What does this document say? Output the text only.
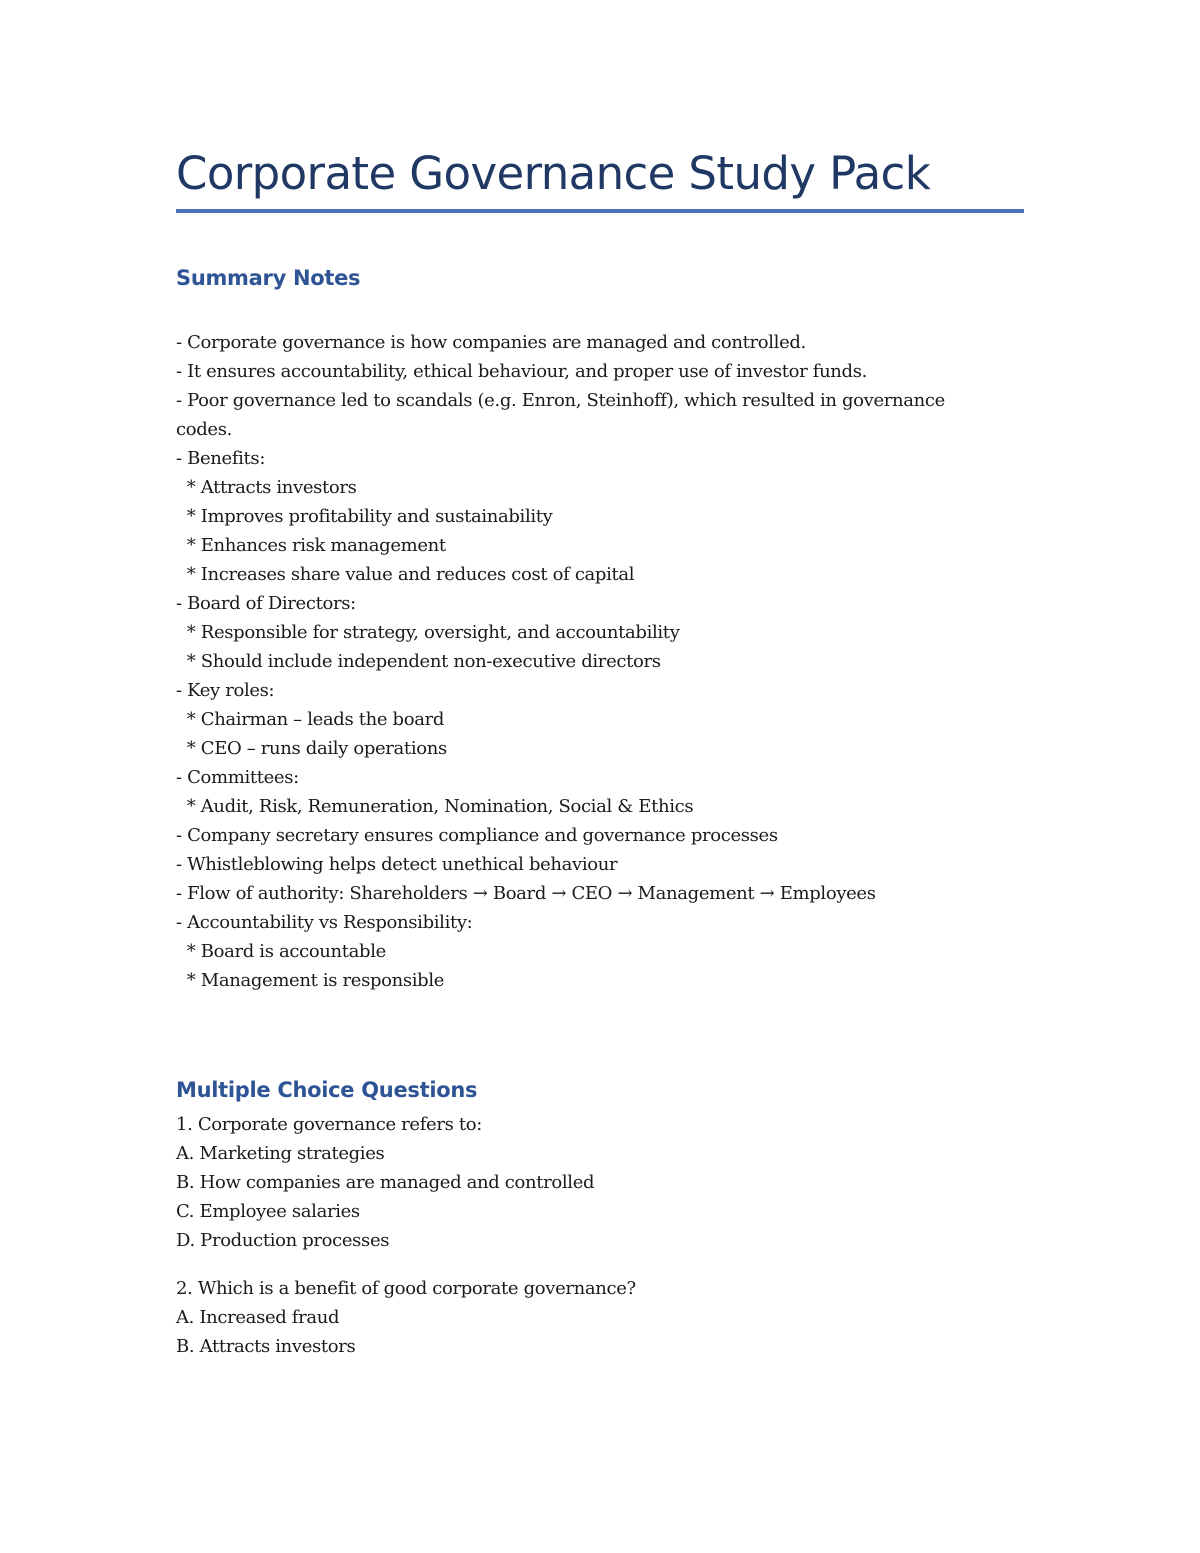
Corporate Governance Study Pack
Summary Notes
- Corporate governance is how companies are managed and controlled.
- It ensures accountability, ethical behaviour, and proper use of investor funds.
- Poor governance led to scandals (e.g. Enron, Steinhoff), which resulted in governance
codes.
- Benefits:
* Attracts investors
* Improves profitability and sustainability
* Enhances risk management
* Increases share value and reduces cost of capital
- Board of Directors:
* Responsible for strategy, oversight, and accountability
* Should include independent non-executive directors
- Key roles:
* Chairman – leads the board
* CEO – runs daily operations
- Committees:
* Audit, Risk, Remuneration, Nomination, Social & Ethics
- Company secretary ensures compliance and governance processes
- Whistleblowing helps detect unethical behaviour
- Flow of authority: Shareholders → Board → CEO → Management → Employees
- Accountability vs Responsibility:
* Board is accountable
* Management is responsible
Multiple Choice Questions
1. Corporate governance refers to:
A. Marketing strategies
B. How companies are managed and controlled
C. Employee salaries
D. Production processes
2. Which is a benefit of good corporate governance?
A. Increased fraud
B. Attracts investors
